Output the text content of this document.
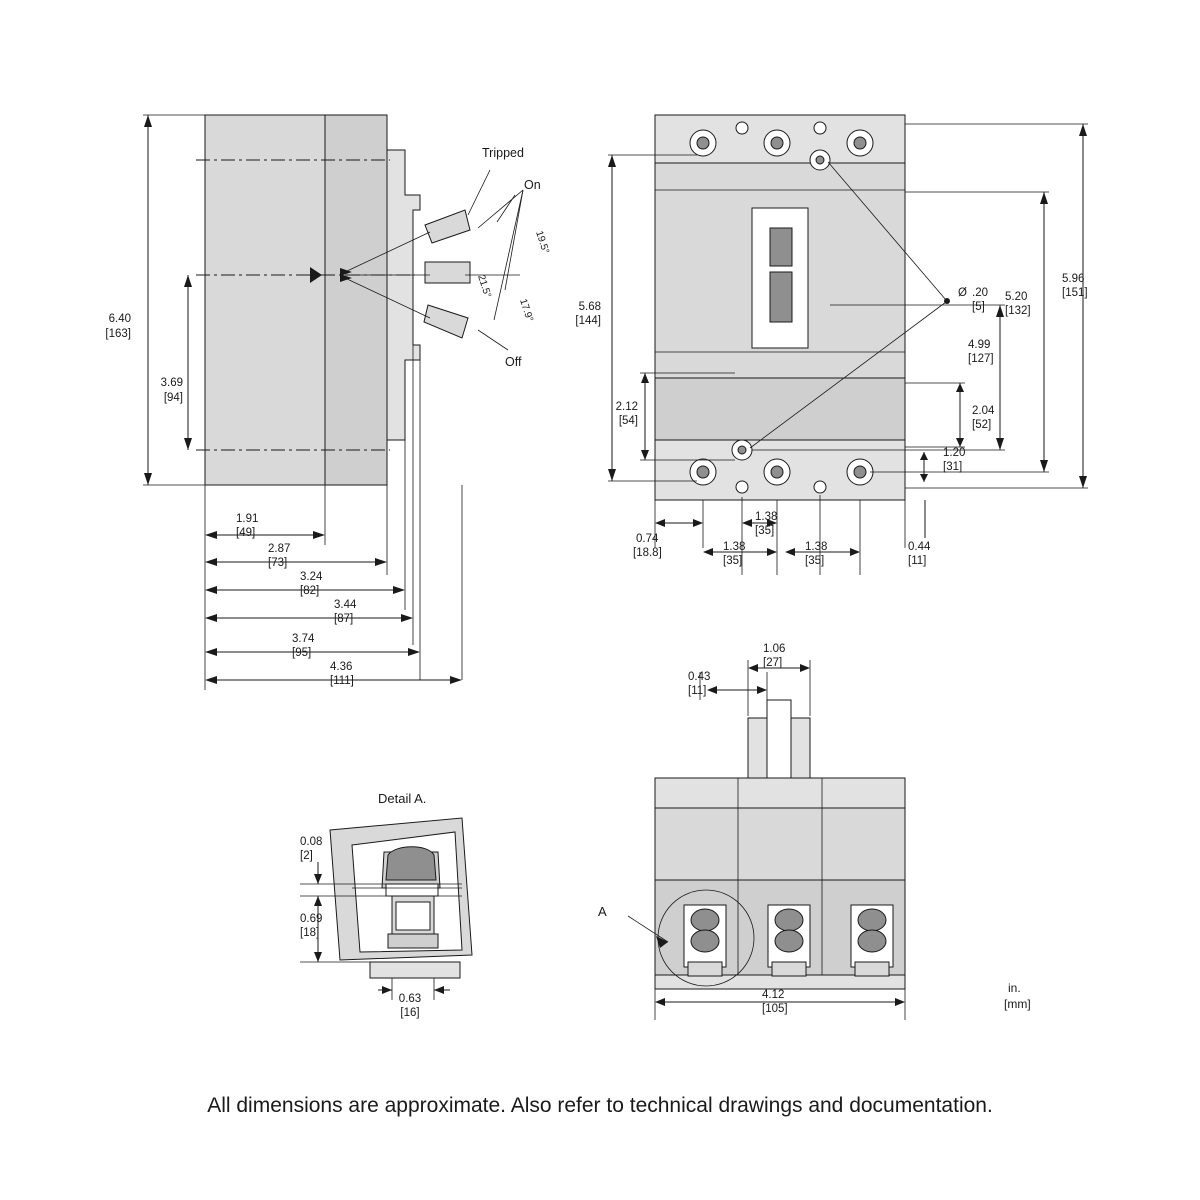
Tripped
On
Off
19.5°
21.5°
17.9°
6.40
[163]
3.69
[94]
1.91
[49]
2.87
[73]
3.24
[82]
3.44
[87]
3.74
[95]
4.36
[111]
Ø .20
[5]
5.68
[144]
2.12
[54]
5.96
[151]
5.20
[132]
4.99
[127]
2.04
[52]
1.20
[31]
0.74
[18.8]
1.38
[35]
1.38
[35]
1.38
[35]
0.44
[11]
A
1.06
[27]
0.43
[11]
4.12
[105]
Detail A.
0.08
[2]
0.69
[18]
0.63
[16]
in.
[mm]
All dimensions are approximate. Also refer to technical drawings and documentation.
